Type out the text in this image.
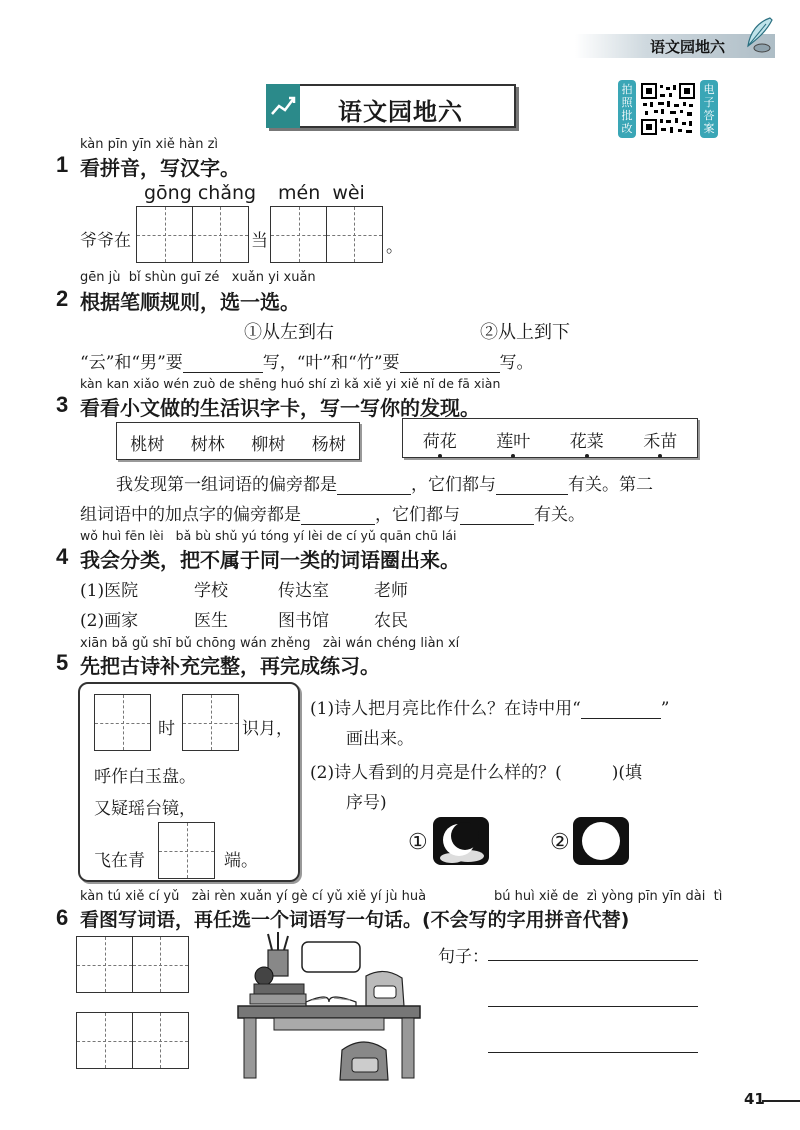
语文园地六
语文园地六
拍
照
批
改
电
子
答
案
kàn pīn yīn xiě hàn zì
1 看拼音，写汉字。
gōng chǎng mén  wèi
爷爷在	当	。
gēn jù  bǐ shùn guī zé   xuǎn yi xuǎn
2 根据笔顺规则，选一选。
①从左到右	②从上到下
“云”和“男”要	写，“叶”和“竹”要	写。
kàn kan xiǎo wén zuò de shēng huó shí zì kǎ xiě yi xiě nǐ de fā xiàn
3 看看小文做的生活识字卡，写一写你的发现。
桃树 树林 柳树 杨树	荷花 莲叶 花菜 禾苗
我发现第一组词语的偏旁都是	，它们都与	有关。第二
组词语中的加点字的偏旁都是	，它们都与	有关。
wǒ huì fēn lèi   bǎ bù shǔ yú tóng yí lèi de cí yǔ quān chū lái
4 我会分类，把不属于同一类的词语圈出来。
(1)医院	学校	传达室	老师
(2)画家	医生	图书馆	农民
xiān bǎ gǔ shī bǔ chōng wán zhěng   zài wán chéng liàn xí
5 先把古诗补充完整，再完成练习。
时	识月，
呼作白玉盘。
又疑瑶台镜，
飞在青	端。
(1)诗人把月亮比作什么？在诗中用“	”
画出来。
(2)诗人看到的月亮是什么样的？(	)(填
序号)
①	②
kàn tú xiě cí yǔ   zài rèn xuǎn yí gè cí yǔ xiě yí jù huà	bú huì xiě de  zì yòng pīn yīn dài  tì
6 看图写词语，再任选一个词语写一句话。(不会写的字用拼音代替)
句子：
41
